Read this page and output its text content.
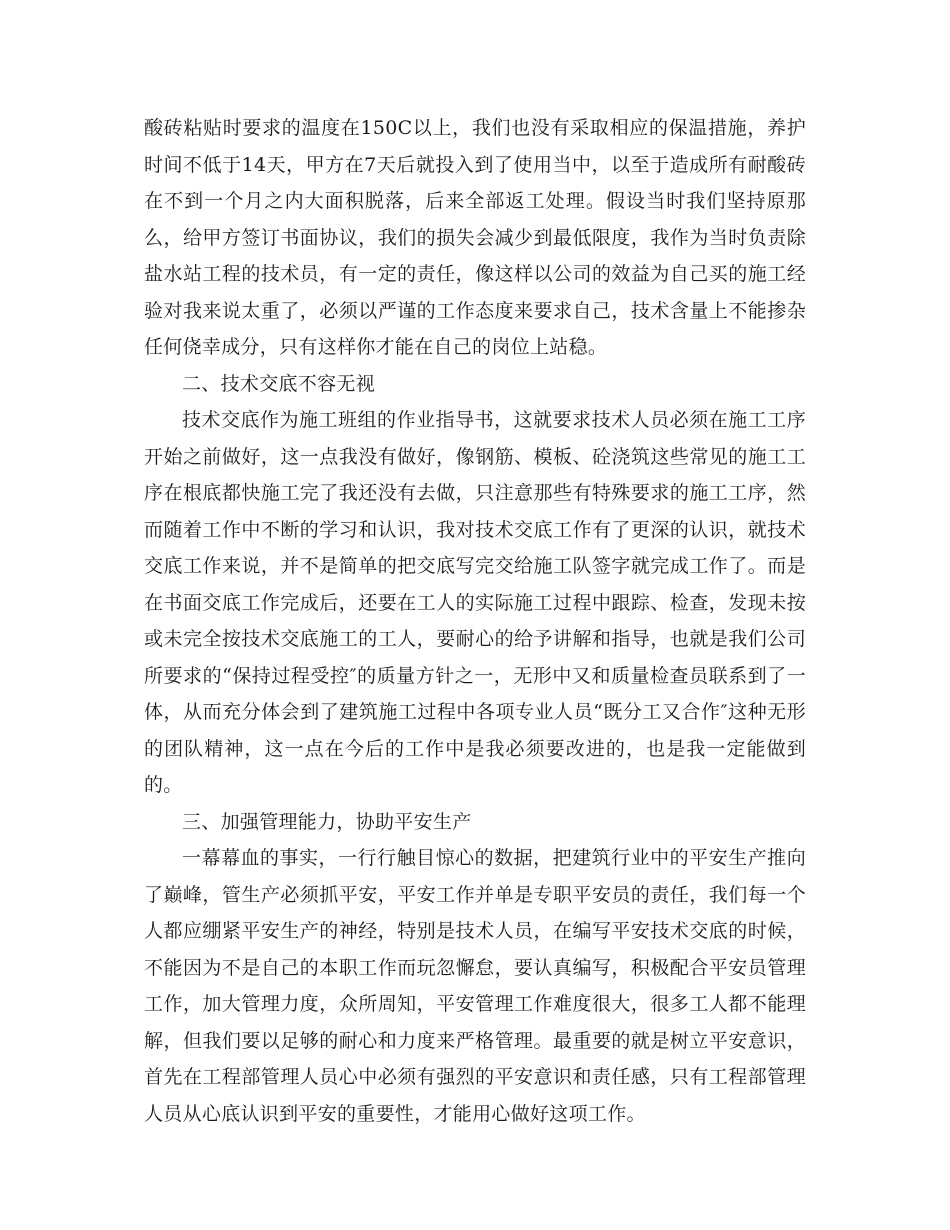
酸砖粘贴时要求的温度在150C以上，我们也没有采取相应的保温措施，养护时间不低于14天，甲方在7天后就投入到了使用当中，以至于造成所有耐酸砖在不到一个月之内大面积脱落，后来全部返工处理。假设当时我们坚持原那么，给甲方签订书面协议，我们的损失会减少到最低限度，我作为当时负责除盐水站工程的技术员，有一定的责任，像这样以公司的效益为自己买的施工经验对我来说太重了，必须以严谨的工作态度来要求自己，技术含量上不能掺杂任何侥幸成分，只有这样你才能在自己的岗位上站稳。

二、技术交底不容无视

技术交底作为施工班组的作业指导书，这就要求技术人员必须在施工工序开始之前做好，这一点我没有做好，像钢筋、模板、砼浇筑这些常见的施工工序在根底都快施工完了我还没有去做，只注意那些有特殊要求的施工工序，然而随着工作中不断的学习和认识，我对技术交底工作有了更深的认识，就技术交底工作来说，并不是简单的把交底写完交给施工队签字就完成工作了。而是在书面交底工作完成后，还要在工人的实际施工过程中跟踪、检查，发现未按或未完全按技术交底施工的工人，要耐心的给予讲解和指导，也就是我们公司所要求的“保持过程受控″的质量方针之一，无形中又和质量检查员联系到了一体，从而充分体会到了建筑施工过程中各项专业人员“既分工又合作″这种无形的团队精神，这一点在今后的工作中是我必须要改进的，也是我一定能做到的。

三、加强管理能力，协助平安生产

一幕幕血的事实，一行行触目惊心的数据，把建筑行业中的平安生产推向了巅峰，管生产必须抓平安，平安工作并单是专职平安员的责任，我们每一个人都应绷紧平安生产的神经，特别是技术人员，在编写平安技术交底的时候，不能因为不是自己的本职工作而玩忽懈怠，要认真编写，积极配合平安员管理工作，加大管理力度，众所周知，平安管理工作难度很大，很多工人都不能理解，但我们要以足够的耐心和力度来严格管理。最重要的就是树立平安意识，首先在工程部管理人员心中必须有强烈的平安意识和责任感，只有工程部管理人员从心底认识到平安的重要性，才能用心做好这项工作。
